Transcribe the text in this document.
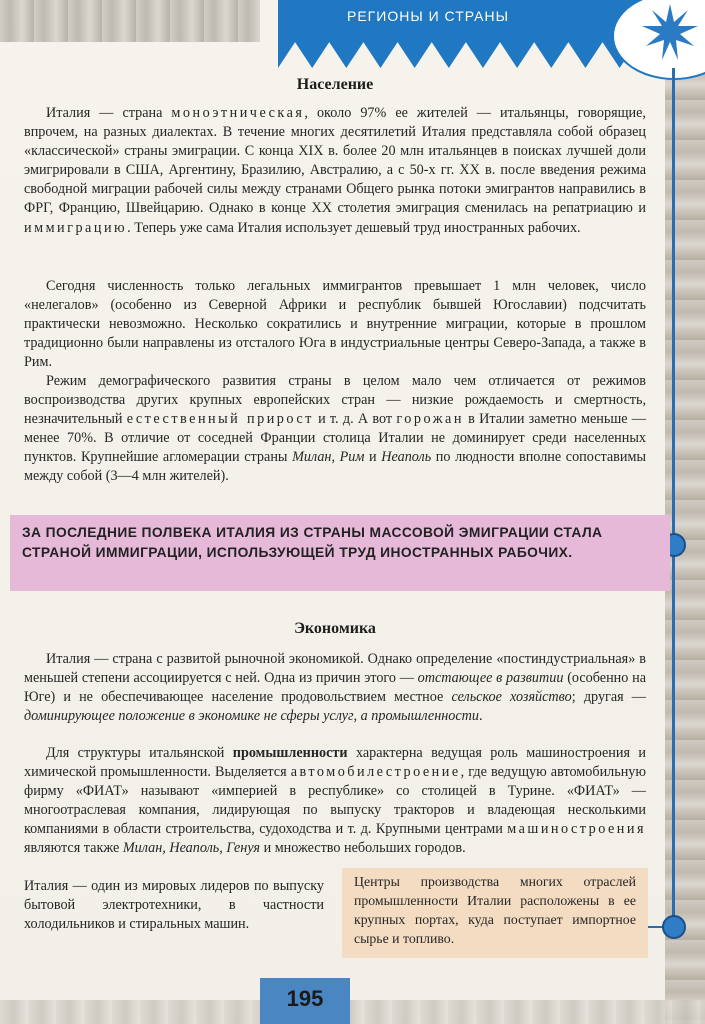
РЕГИОНЫ И СТРАНЫ
Население

Италия — страна моноэтническая, около 97% ее жителей — итальянцы, говорящие, впрочем, на разных диалектах. В течение многих десятилетий Италия представляла собой образец «классической» страны эмиграции. С конца XIX в. более 20 млн итальянцев в поисках лучшей доли эмигрировали в США, Аргентину, Бразилию, Австралию, а с 50-х гг. XX в. после введения режима свободной миграции рабочей силы между странами Общего рынка потоки эмигрантов направились в ФРГ, Францию, Швейцарию. Однако в конце XX столетия эмиграция сменилась на репатриацию и иммиграцию. Теперь уже сама Италия использует дешевый труд иностранных рабочих.

Сегодня численность только легальных иммигрантов превышает 1 млн человек, число «нелегалов» (особенно из Северной Африки и республик бывшей Югославии) подсчитать практически невозможно. Несколько сократились и внутренние миграции, которые в прошлом традиционно были направлены из отсталого Юга в индустриальные центры Северо-Запада, а также в Рим.

Режим демографического развития страны в целом мало чем отличается от режимов воспроизводства других крупных европейских стран — низкие рождаемость и смертность, незначительный естественный прирост и т. д. А вот горожан в Италии заметно меньше — менее 70%. В отличие от соседней Франции столица Италии не доминирует среди населенных пунктов. Крупнейшие агломерации страны Милан, Рим и Неаполь по людности вполне сопоставимы между собой (3—4 млн жителей).

Экономика

Италия — страна с развитой рыночной экономикой. Однако определение «постиндустриальная» в меньшей степени ассоциируется с ней. Одна из причин этого — отстающее в развитии (особенно на Юге) и не обеспечивающее население продовольствием местное сельское хозяйство; другая — доминирующее положение в экономике не сферы услуг, а промышленности.

Для структуры итальянской промышленности характерна ведущая роль машиностроения и химической промышленности. Выделяется автомобилестроение, где ведущую автомобильную фирму «ФИАТ» называют «империей в республике» со столицей в Турине. «ФИАТ» — многоотраслевая компания, лидирующая по выпуску тракторов и владеющая несколькими компаниями в области строительства, судоходства и т. д. Крупными центрами машиностроения являются также Милан, Неаполь, Генуя и множество небольших городов.

Италия — один из мировых лидеров по выпуску бытовой электротехники, в частности холодильников и стиральных машин.

ЗА ПОСЛЕДНИЕ ПОЛВЕКА ИТАЛИЯ ИЗ СТРАНЫ МАССОВОЙ ЭМИГРАЦИИ СТАЛА СТРАНОЙ ИММИГРАЦИИ, ИСПОЛЬЗУЮЩЕЙ ТРУД ИНОСТРАННЫХ РАБОЧИХ.
Центры производства многих отраслей промышленности Италии расположены в ее крупных портах, куда поступает импортное сырье и топливо.
195
